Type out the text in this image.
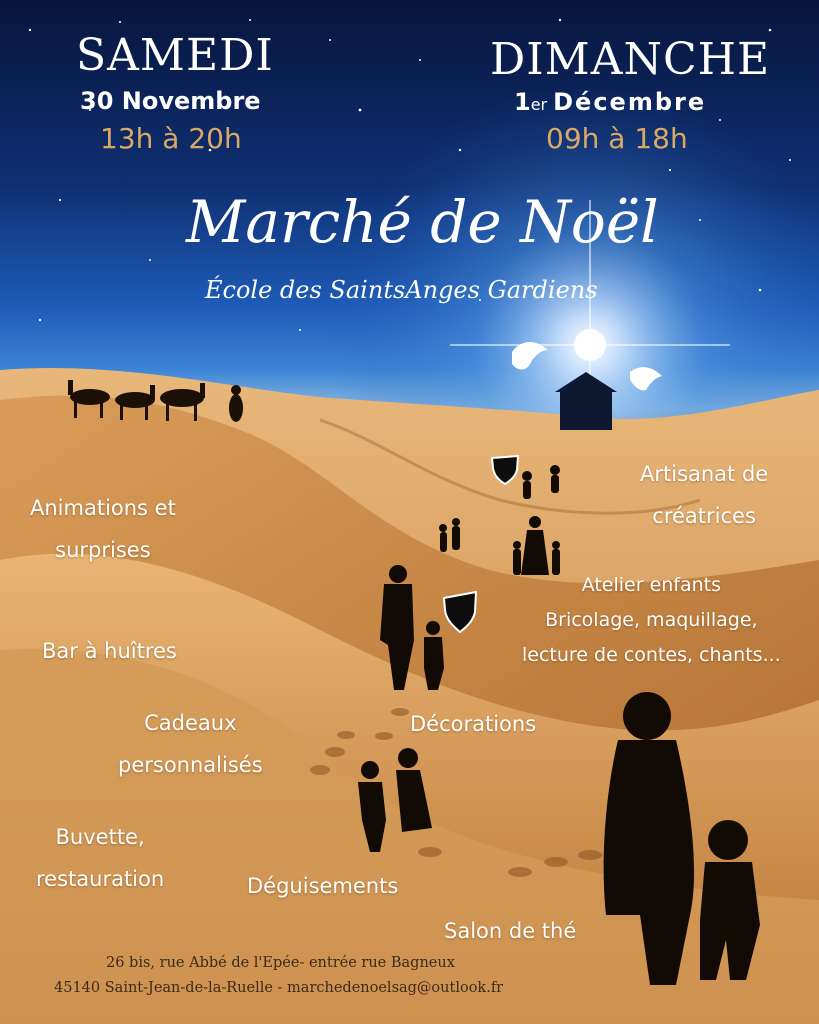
SAMEDI

30 Novembre

13h à 20h

DIMANCHE

1er Décembre

09h à 18h

Marché de Noël

École des SaintsAnges Gardiens

Artisanat de
créatrices
Animations et
surprises
Atelier enfants
Bricolage, maquillage,
lecture de contes, chants...
Bar à huîtres
Cadeaux
personnalisés
Décorations
Buvette,
restauration	Déguisements
Salon de thé

26 bis, rue Abbé de l'Epée- entrée rue Bagneux

45140 Saint-Jean-de-la-Ruelle - marchedenoelsag@outlook.fr
